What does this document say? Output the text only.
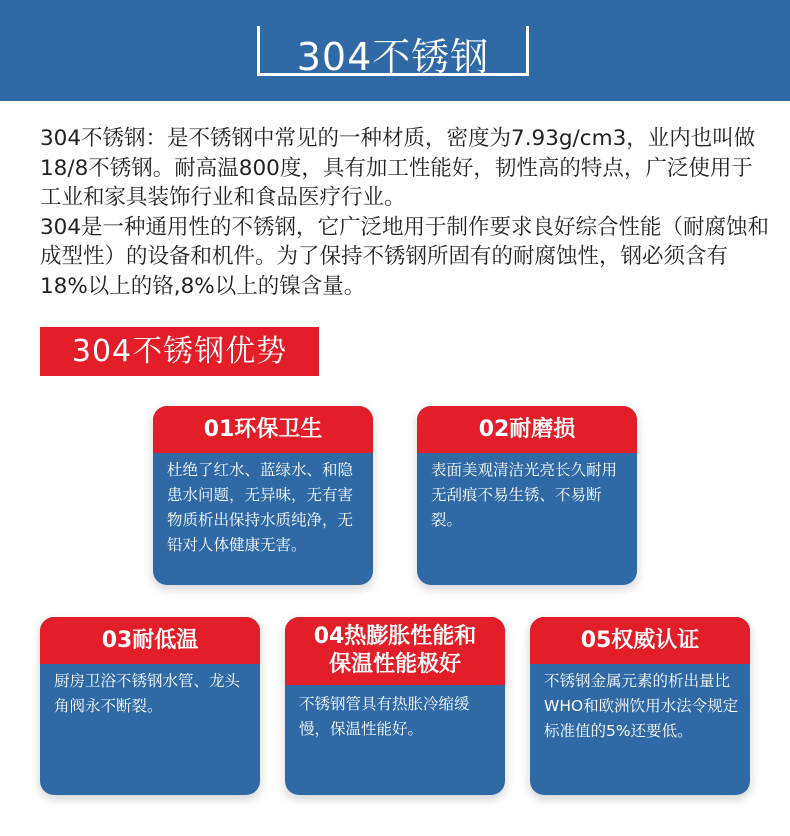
304不锈钢

304不锈钢：是不锈钢中常见的一种材质，密度为7.93g/cm3，业内也叫做18/8不锈钢。耐高温800度，具有加工性能好，韧性高的特点，广泛使用于工业和家具装饰行业和食品医疗行业。

304是一种通用性的不锈钢，它广泛地用于制作要求良好综合性能（耐腐蚀和成型性）的设备和机件。为了保持不锈钢所固有的耐腐蚀性，钢必须含有18%以上的铬,8%以上的镍含量。

304不锈钢优势
01环保卫生
杜绝了红水、蓝绿水、和隐患水问题，无异味，无有害物质析出保持水质纯净，无铅对人体健康无害。
02耐磨损
表面美观清洁光亮长久耐用无刮痕不易生锈、不易断裂。
03耐低温
厨房卫浴不锈钢水管、龙头角阀永不断裂。
04热膨胀性能和保温性能极好
不锈钢管具有热胀冷缩缓慢，保温性能好。
05权威认证
不锈钢金属元素的析出量比WHO和欧洲饮用水法令规定标准值的5%还要低。
